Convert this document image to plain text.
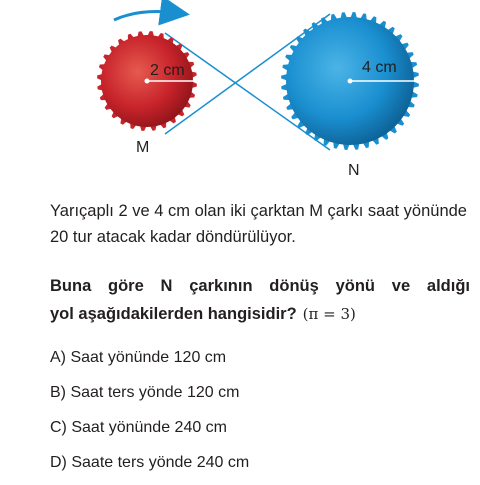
2 cm
M
4 cm
N

Yarıçaplı 2 ve 4 cm olan iki çarktan M çarkı saat yönünde 20 tur atacak kadar döndürülüyor.

Buna göre N çarkının dönüş yönü ve aldığı
yol aşağıdakilerden hangisidir? (π = 3)
A) Saat yönünde 120 cm
B) Saat ters yönde 120 cm
C) Saat yönünde 240 cm
D) Saate ters yönde 240 cm
